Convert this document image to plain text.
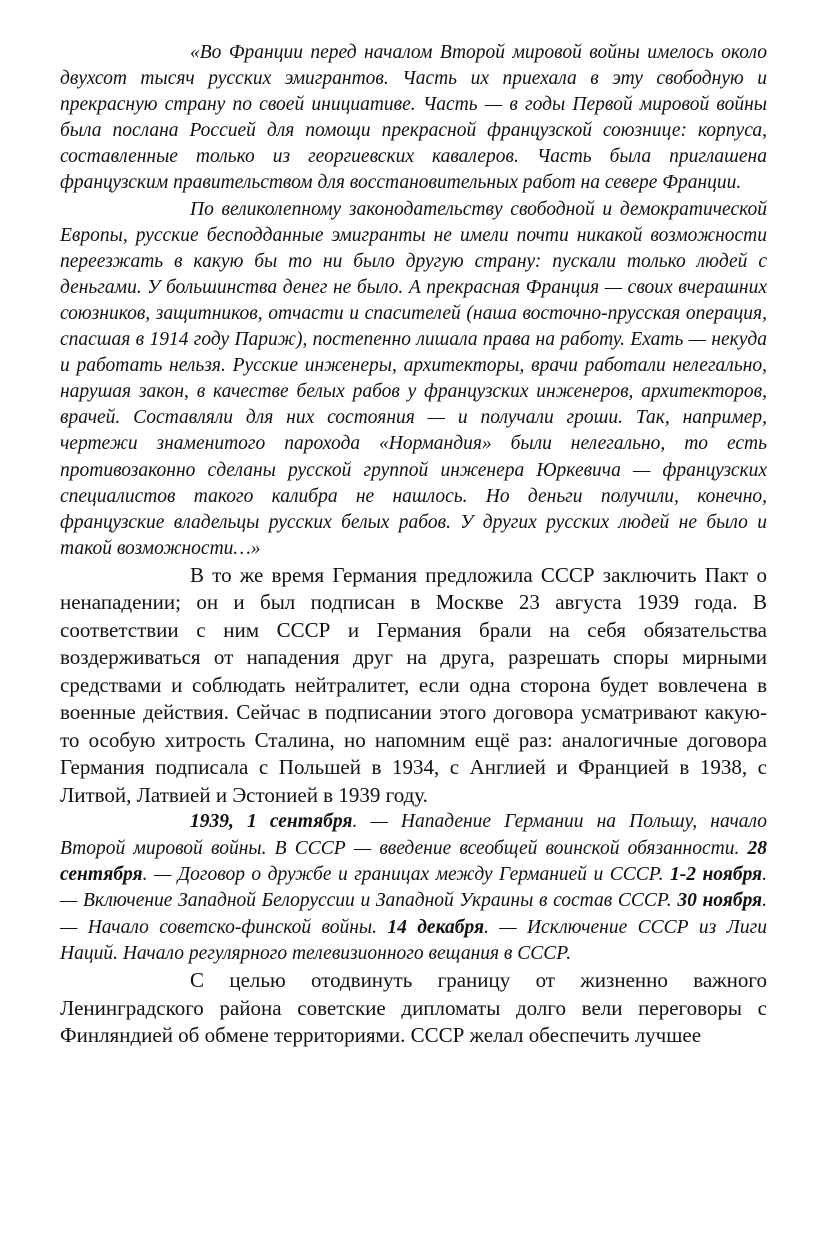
«Во Франции перед началом Второй мировой войны имелось около двухсот тысяч русских эмигрантов. Часть их приехала в эту свободную и прекрасную страну по своей инициативе. Часть — в годы Первой мировой войны была послана Россией для помощи прекрасной французской союзнице: корпуса, составленные только из георгиевских кавалеров. Часть была приглашена французским правительством для восстановительных работ на севере Франции.

По великолепному законодательству свободной и демократической Европы, русские бесподданные эмигранты не имели почти никакой возможности переезжать в какую бы то ни было другую страну: пускали только людей с деньгами. У большинства денег не было. А прекрасная Франция — своих вчерашних союзников, защитников, отчасти и спасителей (наша восточно-прусская операция, спасшая в 1914 году Париж), постепенно лишала права на работу. Ехать — некуда и работать нельзя. Русские инженеры, архитекторы, врачи работали нелегально, нарушая закон, в качестве белых рабов у французских инженеров, архитекторов, врачей. Составляли для них состояния — и получали гроши. Так, например, чертежи знаменитого парохода «Нормандия» были нелегально, то есть противозаконно сделаны русской группой инженера Юркевича — французских специалистов такого калибра не нашлось. Но деньги получили, конечно, французские владельцы русских белых рабов. У других русских людей не было и такой возможности…»

В то же время Германия предложила СССР заключить Пакт о ненападении; он и был подписан в Москве 23 августа 1939 года. В соответствии с ним СССР и Германия брали на себя обязательства воздерживаться от нападения друг на друга, разрешать споры мирными средствами и соблюдать нейтралитет, если одна сторона будет вовлечена в военные действия. Сейчас в подписании этого договора усматривают какую-то особую хитрость Сталина, но напомним ещё раз: аналогичные договора Германия подписала с Польшей в 1934, с Англией и Францией в 1938, с Литвой, Латвией и Эстонией в 1939 году.

1939, 1 сентября. — Нападение Германии на Польшу, начало Второй мировой войны. В СССР — введение всеобщей воинской обязанности. 28 сентября. — Договор о дружбе и границах между Германией и СССР. 1-2 ноября. — Включение Западной Белоруссии и Западной Украины в состав СССР. 30 ноября. — Начало советско-финской войны. 14 декабря. — Исключение СССР из Лиги Наций. Начало регулярного телевизионного вещания в СССР.

С целью отодвинуть границу от жизненно важного Ленинградского района советские дипломаты долго вели переговоры с Финляндией об обмене территориями. СССР желал обеспечить лучшее
